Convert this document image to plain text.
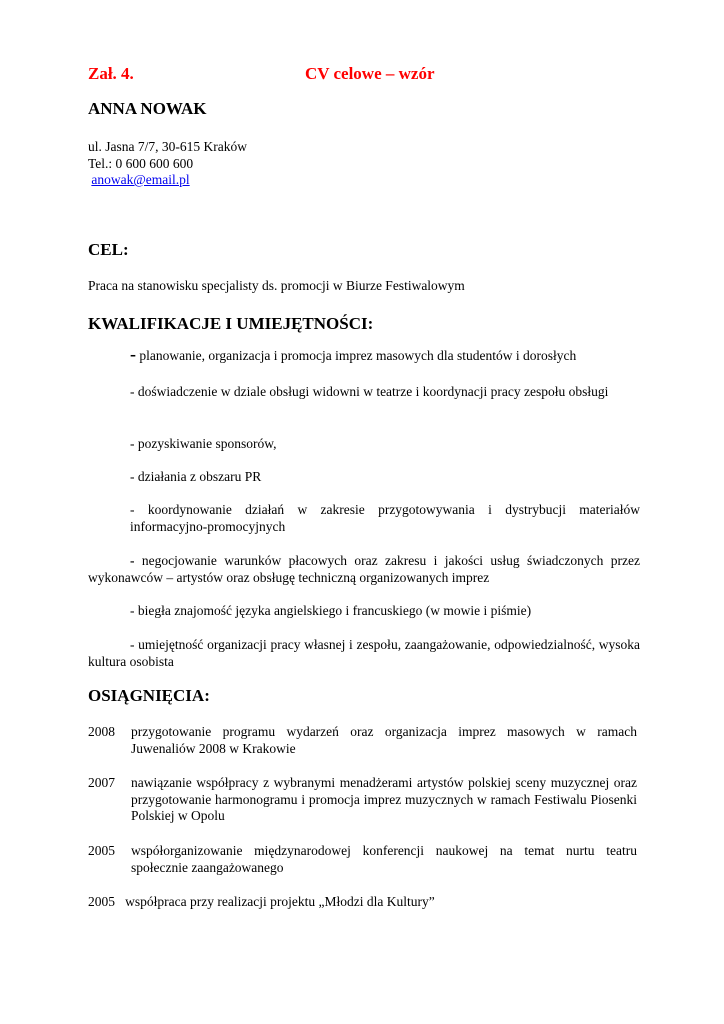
Zał. 4.	CV celowe – wzór
ANNA NOWAK
ul. Jasna 7/7, 30-615 Kraków
Tel.: 0 600 600 600
anowak@email.pl
CEL:
Praca na stanowisku specjalisty ds. promocji w Biurze Festiwalowym
KWALIFIKACJE I UMIEJĘTNOŚCI:
- planowanie, organizacja i promocja imprez masowych dla studentów i dorosłych
- doświadczenie w dziale obsługi widowni w teatrze i koordynacji pracy zespołu obsługi
- pozyskiwanie sponsorów,
- działania z obszaru PR
- koordynowanie działań w zakresie przygotowywania i dystrybucji materiałów informacyjno-promocyjnych
- negocjowanie warunków płacowych oraz zakresu i jakości usług świadczonych przez wykonawców – artystów oraz obsługę techniczną organizowanych imprez
- biegła znajomość języka angielskiego i francuskiego (w mowie i piśmie)
- umiejętność organizacji pracy własnej i zespołu, zaangażowanie, odpowiedzialność, wysoka kultura osobista
OSIĄGNIĘCIA:
2008 przygotowanie programu wydarzeń oraz organizacja imprez masowych w ramach Juwenaliów 2008 w Krakowie
2007 nawiązanie współpracy z wybranymi menadżerami artystów polskiej sceny muzycznej oraz przygotowanie harmonogramu i promocja imprez muzycznych w ramach Festiwalu Piosenki Polskiej w Opolu
2005 współorganizowanie międzynarodowej konferencji naukowej na temat nurtu teatru społecznie zaangażowanego
2005 współpraca przy realizacji projektu „Młodzi dla Kultury”
